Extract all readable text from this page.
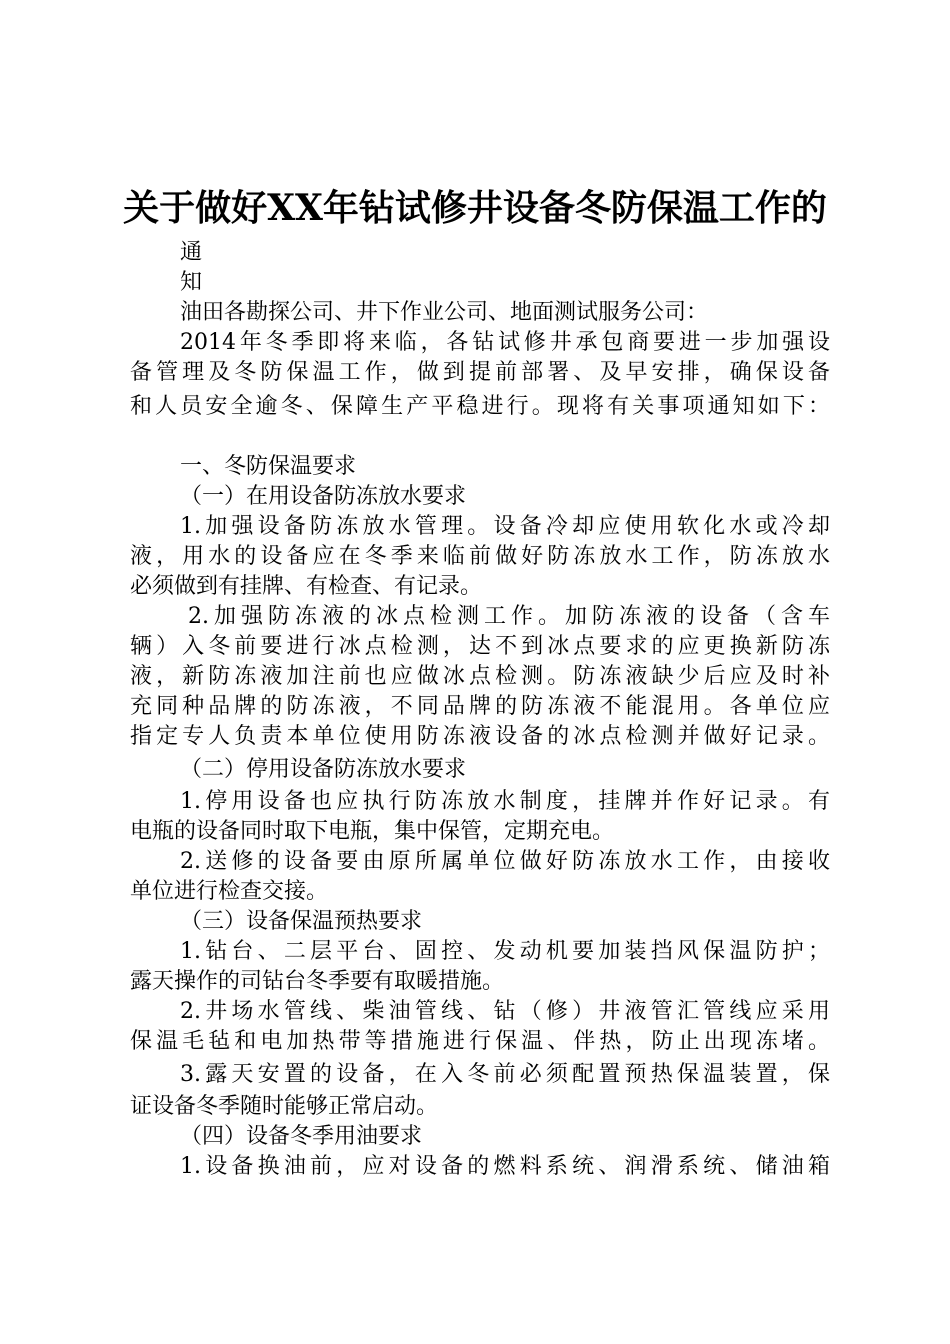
关于做好XX年钻试修井设备冬防保温工作的
通
知
油田各勘探公司、井下作业公司、地面测试服务公司：
2014年冬季即将来临，各钻试修井承包商要进一步加强设
备管理及冬防保温工作，做到提前部署、及早安排，确保设备
和人员安全逾冬、保障生产平稳进行。现将有关事项通知如下：
一、冬防保温要求
（一）在用设备防冻放水要求
1.加强设备防冻放水管理。设备冷却应使用软化水或冷却
液，用水的设备应在冬季来临前做好防冻放水工作，防冻放水
必须做到有挂牌、有检查、有记录。
2.加强防冻液的冰点检测工作。加防冻液的设备（含车
辆）入冬前要进行冰点检测，达不到冰点要求的应更换新防冻
液，新防冻液加注前也应做冰点检测。防冻液缺少后应及时补
充同种品牌的防冻液，不同品牌的防冻液不能混用。各单位应
指定专人负责本单位使用防冻液设备的冰点检测并做好记录。
（二）停用设备防冻放水要求
1.停用设备也应执行防冻放水制度，挂牌并作好记录。有
电瓶的设备同时取下电瓶，集中保管，定期充电。
2.送修的设备要由原所属单位做好防冻放水工作，由接收
单位进行检查交接。
（三）设备保温预热要求
1.钻台、二层平台、固控、发动机要加装挡风保温防护；
露天操作的司钻台冬季要有取暖措施。
2.井场水管线、柴油管线、钻（修）井液管汇管线应采用
保温毛毡和电加热带等措施进行保温、伴热，防止出现冻堵。
3.露天安置的设备，在入冬前必须配置预热保温装置，保
证设备冬季随时能够正常启动。
（四）设备冬季用油要求
1.设备换油前，应对设备的燃料系统、润滑系统、储油箱
